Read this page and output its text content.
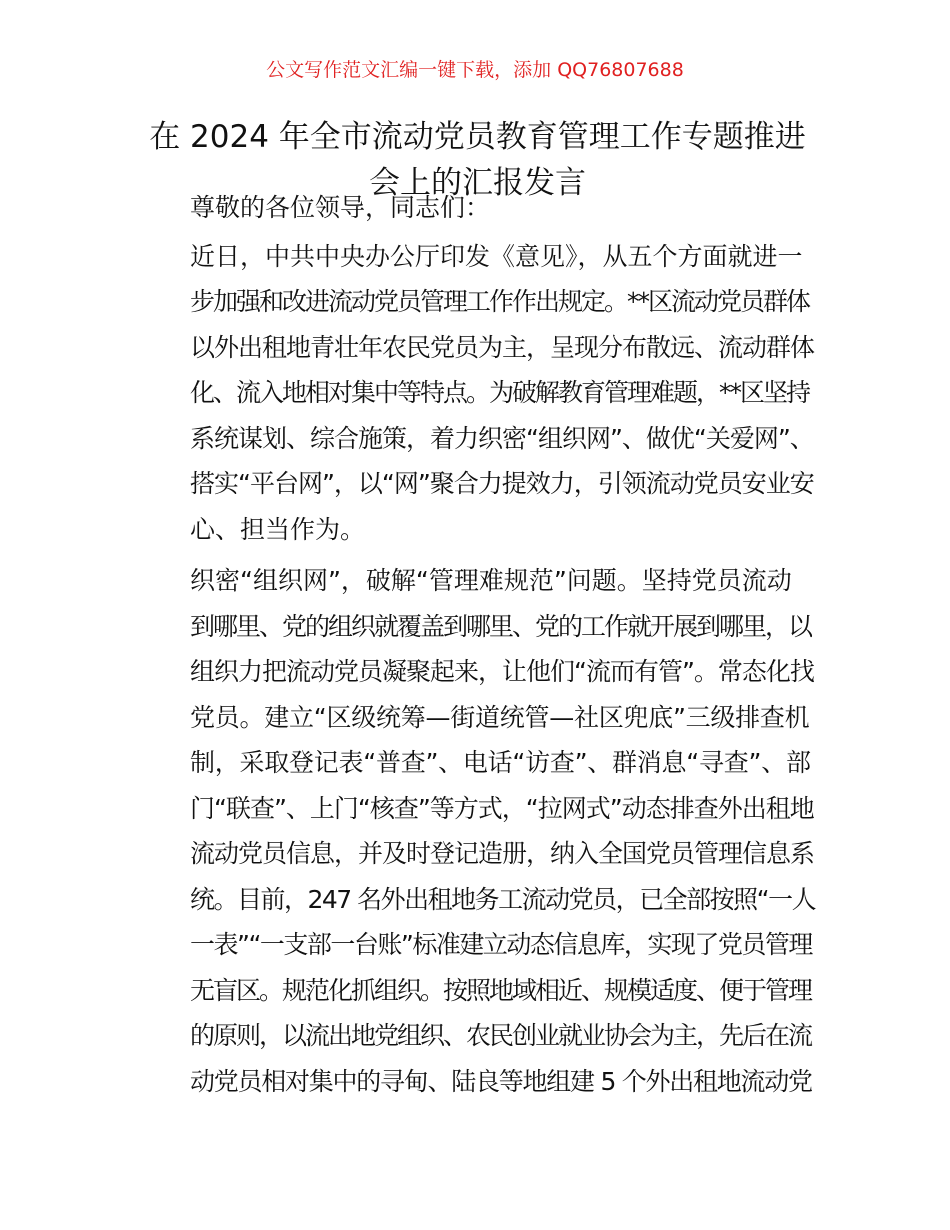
公文写作范文汇编一键下载，添加 QQ76807688
在 2024 年全市流动党员教育管理工作专题推进
会上的汇报发言
尊敬的各位领导，同志们：
近日，中共中央办公厅印发《意见》，从五个方面就进一
步加强和改进流动党员管理工作作出规定。**区流动党员群体
以外出租地青壮年农民党员为主，呈现分布散远、流动群体
化、流入地相对集中等特点。为破解教育管理难题，**区坚持
系统谋划、综合施策，着力织密“组织网”、做优“关爱网”、
搭实“平台网”，以“网”聚合力提效力，引领流动党员安业安
心、担当作为。
织密“组织网”，破解“管理难规范”问题。坚持党员流动
到哪里、党的组织就覆盖到哪里、党的工作就开展到哪里，以
组织力把流动党员凝聚起来，让他们“流而有管”。常态化找
党员。建立“区级统筹—街道统管—社区兜底”三级排查机
制，采取登记表“普查”、电话“访查”、群消息“寻查”、部
门“联查”、上门“核查”等方式，“拉网式”动态排查外出租地
流动党员信息，并及时登记造册，纳入全国党员管理信息系
统。目前，247 名外出租地务工流动党员，已全部按照“一人
一表”“一支部一台账”标准建立动态信息库，实现了党员管理
无盲区。规范化抓组织。按照地域相近、规模适度、便于管理
的原则，以流出地党组织、农民创业就业协会为主，先后在流
动党员相对集中的寻甸、陆良等地组建 5 个外出租地流动党
